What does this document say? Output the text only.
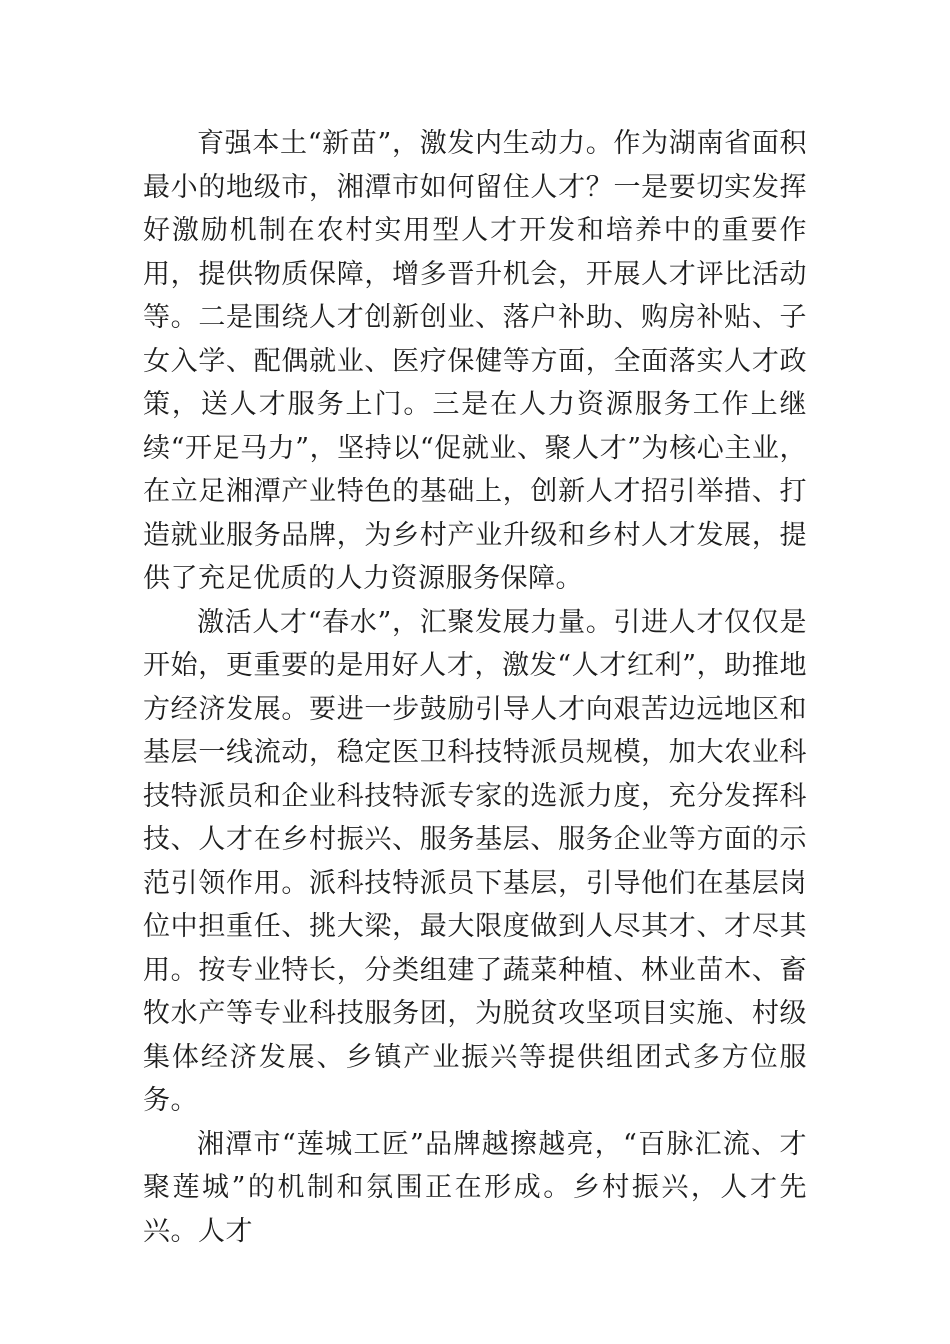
育强本土“新苗”，激发内生动力。作为湖南省面积最小的地级市，湘潭市如何留住人才？一是要切实发挥好激励机制在农村实用型人才开发和培养中的重要作用，提供物质保障，增多晋升机会，开展人才评比活动等。二是围绕人才创新创业、落户补助、购房补贴、子女入学、配偶就业、医疗保健等方面，全面落实人才政策，送人才服务上门。三是在人力资源服务工作上继续“开足马力”，坚持以“促就业、聚人才”为核心主业，在立足湘潭产业特色的基础上，创新人才招引举措、打造就业服务品牌，为乡村产业升级和乡村人才发展，提供了充足优质的人力资源服务保障。

激活人才“春水”，汇聚发展力量。引进人才仅仅是开始，更重要的是用好人才，激发“人才红利”，助推地方经济发展。要进一步鼓励引导人才向艰苦边远地区和基层一线流动，稳定医卫科技特派员规模，加大农业科技特派员和企业科技特派专家的选派力度，充分发挥科技、人才在乡村振兴、服务基层、服务企业等方面的示范引领作用。派科技特派员下基层，引导他们在基层岗位中担重任、挑大梁，最大限度做到人尽其才、才尽其用。按专业特长，分类组建了蔬菜种植、林业苗木、畜牧水产等专业科技服务团，为脱贫攻坚项目实施、村级集体经济发展、乡镇产业振兴等提供组团式多方位服务。

湘潭市“莲城工匠”品牌越擦越亮，“百脉汇流、才聚莲城”的机制和氛围正在形成。乡村振兴，人才先兴。人才
